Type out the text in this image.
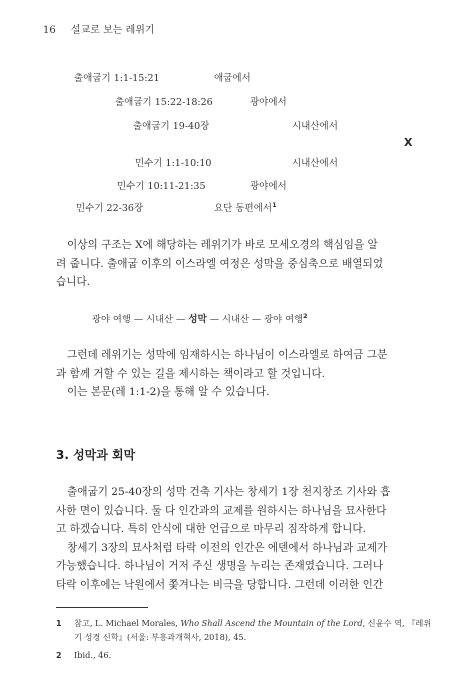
16 설교로 보는 레위기
출애굽기 1:1-15:21	애굽에서
출애굽기 15:22-18:26	광야에서
출애굽기 19-40장	시내산에서
X
민수기 1:1-10:10	시내산에서
민수기 10:11-21:35	광야에서
민수기 22-36장	요단 동편에서$^1$

이상의 구조는 X에 해당하는 레위기가 바로 모세오경의 핵심임을 알

려 줍니다. 출애굽 이후의 이스라엘 여정은 성막을 중심축으로 배열되었

습니다.

광야 여행 — 시내산 — 성막 — 시내산 — 광야 여행$^2$

그런데 레위기는 성막에 임재하시는 하나님이 이스라엘로 하여금 그분

과 함께 거할 수 있는 길을 제시하는 책이라고 할 것입니다.

이는 본문(레 1:1-2)을 통해 알 수 있습니다.

3. 성막과 회막

출애굽기 25-40장의 성막 건축 기사는 창세기 1장 천지창조 기사와 흡

사한 면이 있습니다. 둘 다 인간과의 교제를 원하시는 하나님을 묘사한다

고 하겠습니다. 특히 안식에 대한 언급으로 마무리 짐작하게 합니다.

창세기 3장의 묘사처럼 타락 이전의 인간은 에덴에서 하나님과 교제가

가능했습니다. 하나님이 거저 주신 생명을 누리는 존재였습니다. 그러나

타락 이후에는 낙원에서 쫓겨나는 비극을 당합니다. 그런데 이러한 인간

1 참고, L. Michael Morales, Who Shall Ascend the Mountain of the Lord, 신윤수 역, 『레위
기 성경 신학』(서울: 부흥과개혁사, 2018), 45.
2 Ibid., 46.
